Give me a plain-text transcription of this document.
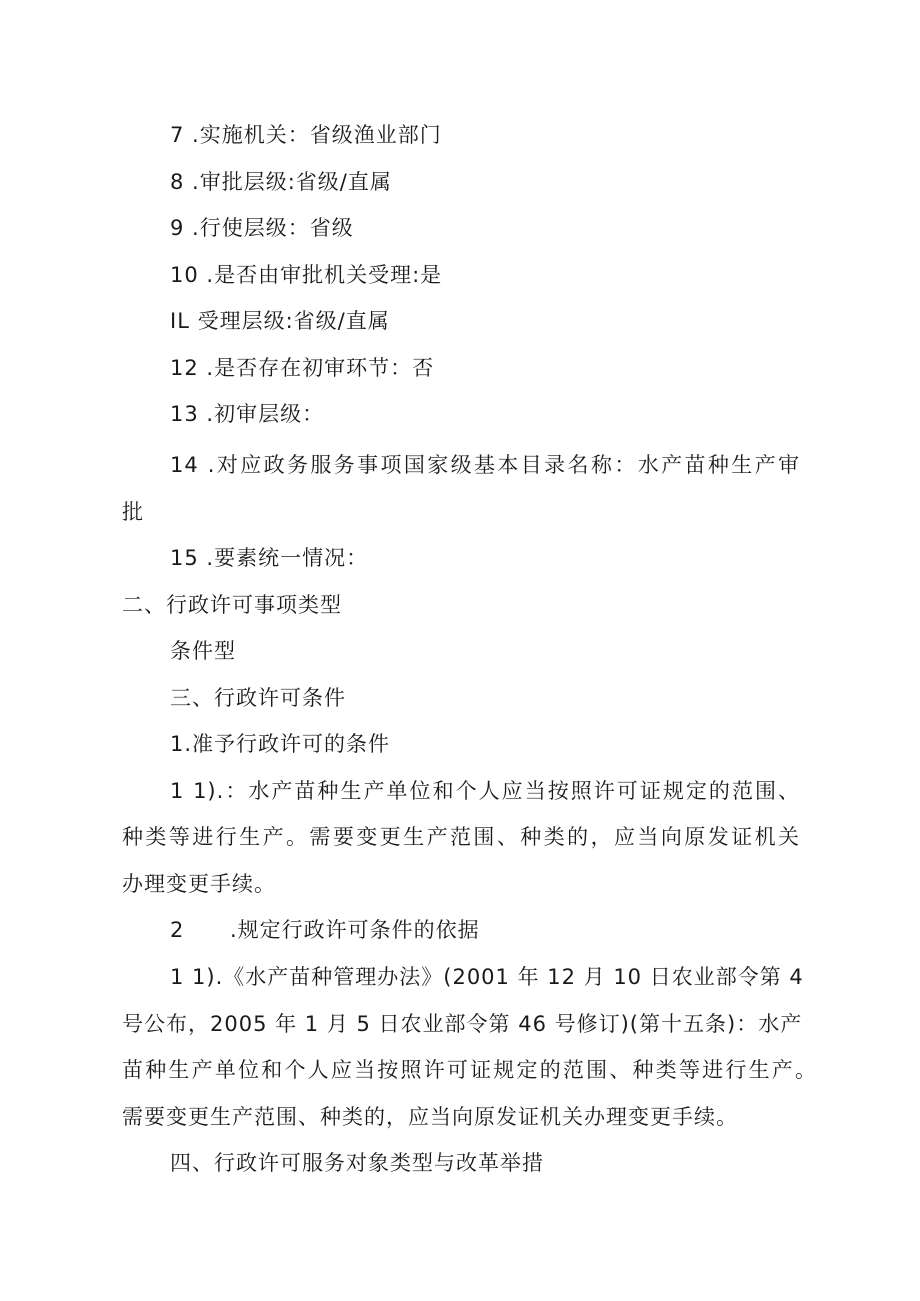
7 .实施机关：省级渔业部门
8 .审批层级:省级/直属
9 .行使层级：省级
10 .是否由审批机关受理:是
IL 受理层级:省级/直属
12 .是否存在初审环节：否
13 .初审层级：
14 .对应政务服务事项国家级基本目录名称：水产苗种生产审
批
15 .要素统一情况：
二、行政许可事项类型
条件型
三、行政许可条件
1.准予行政许可的条件
1 1).：水产苗种生产单位和个人应当按照许可证规定的范围、
种类等进行生产。需要变更生产范围、种类的，应当向原发证机关
办理变更手续。
2 .规定行政许可条件的依据
1 1).《水产苗种管理办法》(2001 年 12 月 10 日农业部令第 4
号公布，2005 年 1 月 5 日农业部令第 46 号修订)(第十五条)：水产
苗种生产单位和个人应当按照许可证规定的范围、种类等进行生产。
需要变更生产范围、种类的，应当向原发证机关办理变更手续。
四、行政许可服务对象类型与改革举措
